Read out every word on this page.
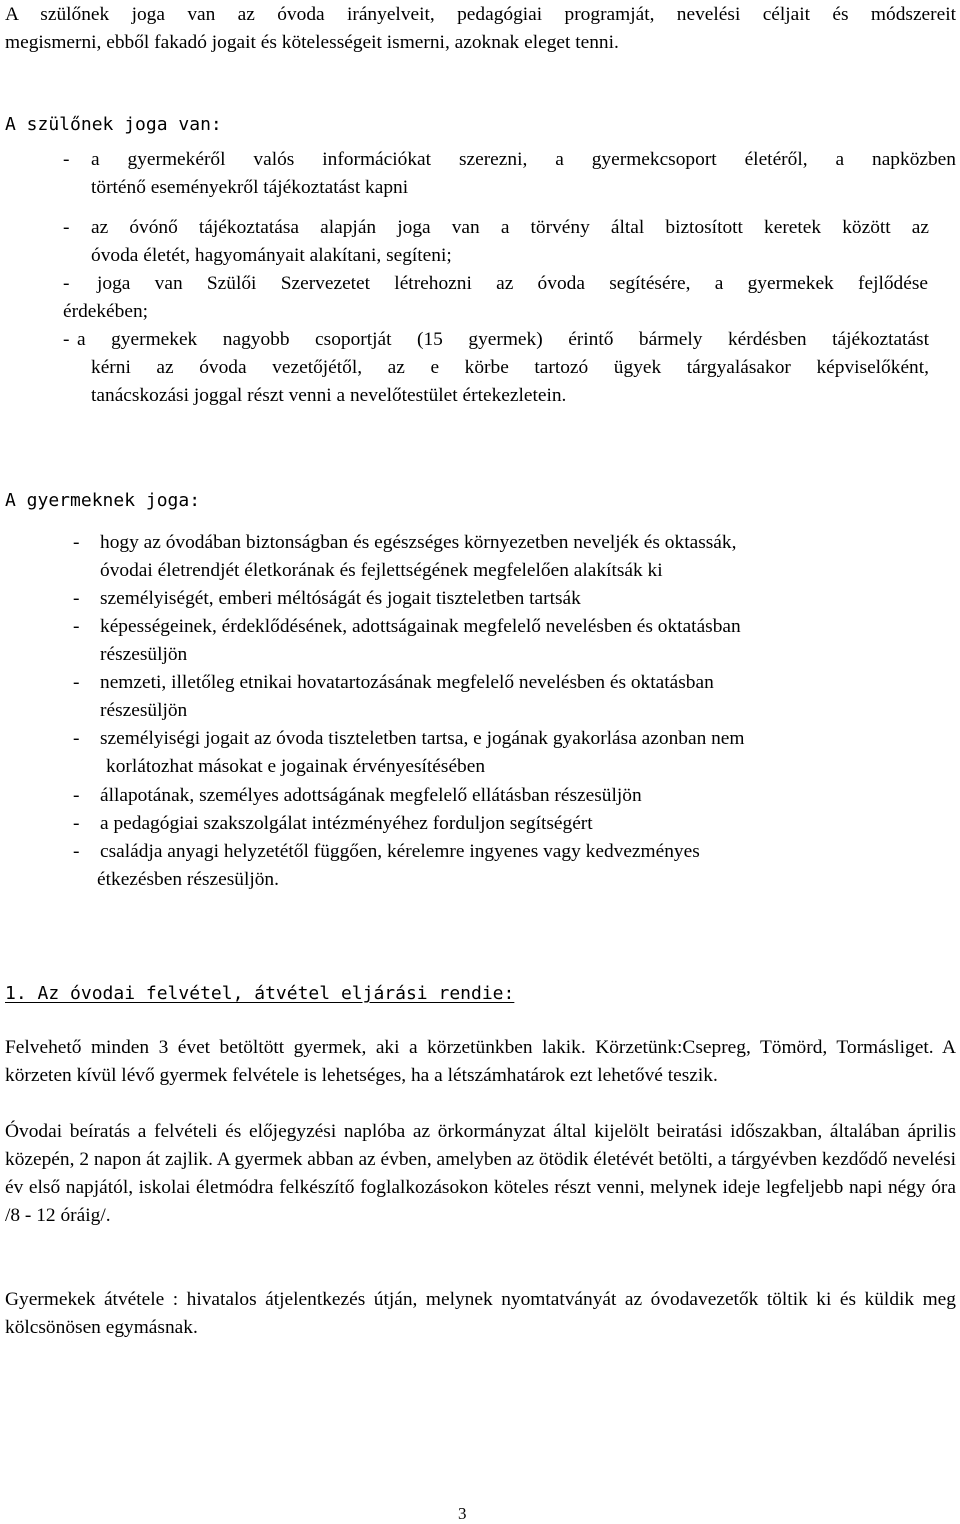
A szülőnek joga van az óvoda irányelveit, pedagógiai programját, nevelési céljait és módszereit
megismerni, ebből fakadó jogait és kötelességeit ismerni, azoknak eleget tenni.
A szülőnek joga van:
- a gyermekéről valós információkat szerezni, a gyermekcsoport életéről, a napközben
történő eseményekről tájékoztatást kapni
- az óvónő tájékoztatása alapján joga van a törvény által biztosított keretek között az
óvoda életét, hagyományait alakítani, segíteni;
- joga van Szülői Szervezetet létrehozni az óvoda segítésére, a gyermekek fejlődése
érdekében;
- a gyermekek nagyobb csoportját (15 gyermek) érintő bármely kérdésben tájékoztatást
kérni az óvoda vezetőjétől, az e körbe tartozó ügyek tárgyalásakor képviselőként,
tanácskozási joggal részt venni a nevelőtestület értekezletein.
A gyermeknek joga:
- hogy az óvodában biztonságban és egészséges környezetben neveljék és oktassák,
óvodai életrendjét életkorának és fejlettségének megfelelően alakítsák ki
- személyiségét, emberi méltóságát és jogait tiszteletben tartsák
- képességeinek, érdeklődésének, adottságainak megfelelő nevelésben és oktatásban
részesüljön
- nemzeti, illetőleg etnikai hovatartozásának megfelelő nevelésben és oktatásban
részesüljön
- személyiségi jogait az óvoda tiszteletben tartsa, e jogának gyakorlása azonban nem
korlátozhat másokat e jogainak érvényesítésében
- állapotának, személyes adottságának megfelelő ellátásban részesüljön
- a pedagógiai szakszolgálat intézményéhez forduljon segítségért
- családja anyagi helyzetétől függően, kérelemre ingyenes vagy kedvezményes
étkezésben részesüljön.
1. Az óvodai felvétel, átvétel eljárási rendie:

Felvehető minden 3 évet betöltött gyermek, aki a körzetünkben lakik. Körzetünk:Csepreg, Tömörd, Tormásliget. A körzeten kívül lévő gyermek felvétele is lehetséges, ha a létszámhatárok ezt lehetővé teszik.

Óvodai beíratás a felvételi és előjegyzési naplóba az örkormányzat által kijelölt beiratási időszakban, általában április közepén, 2 napon át zajlik. A gyermek abban az évben, amelyben az ötödik életévét betölti, a tárgyévben kezdődő nevelési év első napjától, iskolai életmódra felkészítő foglalkozásokon köteles részt venni, melynek ideje legfeljebb napi négy óra /8 - 12 óráig/.

Gyermekek átvétele : hivatalos átjelentkezés útján, melynek nyomtatványát az óvodavezetők töltik ki és küldik meg kölcsönösen egymásnak.

3
